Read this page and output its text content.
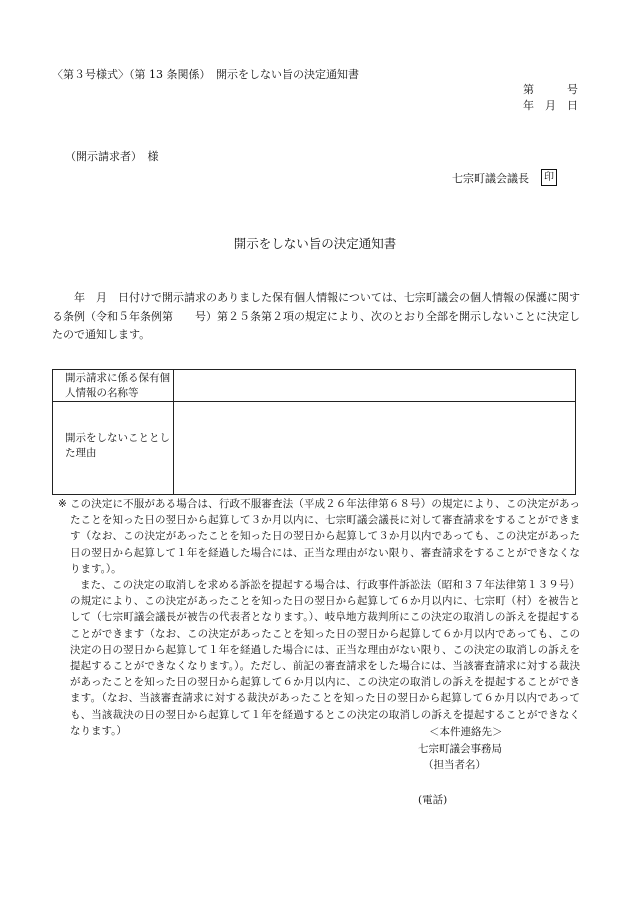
〈第３号様式〉（第 13 条関係）　開示をしない旨の決定通知書
第　　　号
年　月　日
（開示請求者）　様
七宗町議会議長	印
開示をしない旨の決定通知書
　　年　月　日付けで開示請求のありました保有個人情報については、七宗町議会の個人情報の保護に関する条例（令和５年条例第　　号）第２５条第２項の規定により、次のとおり全部を開示しないことに決定したので通知します。
開示請求に係る保有個人情報の名称等
開示をしないこととした理由
※ この決定に不服がある場合は、行政不服審査法（平成２６年法律第６８号）の規定により、この決定があったことを知った日の翌日から起算して３か月以内に、七宗町議会議長に対して審査請求をすることができます（なお、この決定があったことを知った日の翌日から起算して３か月以内であっても、この決定があった日の翌日から起算して１年を経過した場合には、正当な理由がない限り、審査請求をすることができなくなります。）。
また、この決定の取消しを求める訴訟を提起する場合は、行政事件訴訟法（昭和３７年法律第１３９号）の規定により、この決定があったことを知った日の翌日から起算して６か月以内に、七宗町（村）を被告として（七宗町議会議長が被告の代表者となります。）、岐阜地方裁判所にこの決定の取消しの訴えを提起することができます（なお、この決定があったことを知った日の翌日から起算して６か月以内であっても、この決定の日の翌日から起算して１年を経過した場合には、正当な理由がない限り、この決定の取消しの訴えを提起することができなくなります。）。ただし、前記の審査請求をした場合には、当該審査請求に対する裁決があったことを知った日の翌日から起算して６か月以内に、この決定の取消しの訴えを提起することができます。（なお、当該審査請求に対する裁決があったことを知った日の翌日から起算して６か月以内であっても、当該裁決の日の翌日から起算して１年を経過するとこの決定の取消しの訴えを提起することができなくなります。）	＜本件連絡先＞
七宗町議会事務局
（担当者名）
(電話)
